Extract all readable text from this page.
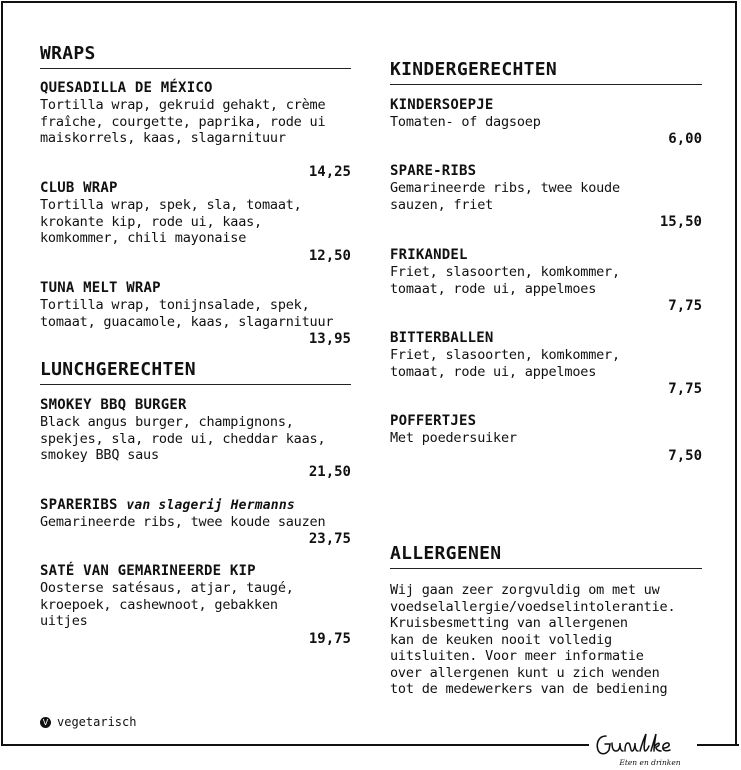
WRAPS
QUESADILLA DE MÉXICO
Tortilla wrap, gekruid gehakt, crème
fraîche, courgette, paprika, rode ui
maiskorrels, kaas, slagarnituur
14,25
CLUB WRAP
Tortilla wrap, spek, sla, tomaat,
krokante kip, rode ui, kaas,
komkommer, chili mayonaise
12,50
TUNA MELT WRAP
Tortilla wrap, tonijnsalade, spek,
tomaat, guacamole, kaas, slagarnituur
13,95
LUNCHGERECHTEN
SMOKEY BBQ BURGER
Black angus burger, champignons,
spekjes, sla, rode ui, cheddar kaas,
smokey BBQ saus
21,50
SPARERIBS van slagerij Hermanns
Gemarineerde ribs, twee koude sauzen
23,75
SATÉ VAN GEMARINEERDE KIP
Oosterse satésaus, atjar, taugé,
kroepoek, cashewnoot, gebakken
uitjes
19,75
KINDERGERECHTEN
KINDERSOEPJE
Tomaten- of dagsoep
6,00
SPARE-RIBS
Gemarineerde ribs, twee koude
sauzen, friet
15,50
FRIKANDEL
Friet, slasoorten, komkommer,
tomaat, rode ui, appelmoes
7,75
BITTERBALLEN
Friet, slasoorten, komkommer,
tomaat, rode ui, appelmoes
7,75
POFFERTJES
Met poedersuiker
7,50
ALLERGENEN
Wij gaan zeer zorgvuldig om met uw
voedselallergie/voedselintolerantie.
Kruisbesmetting van allergenen
kan de keuken nooit volledig
uitsluiten. Voor meer informatie
over allergenen kunt u zich wenden
tot de medewerkers van de bediening
V vegetarisch
Eten en drinken
